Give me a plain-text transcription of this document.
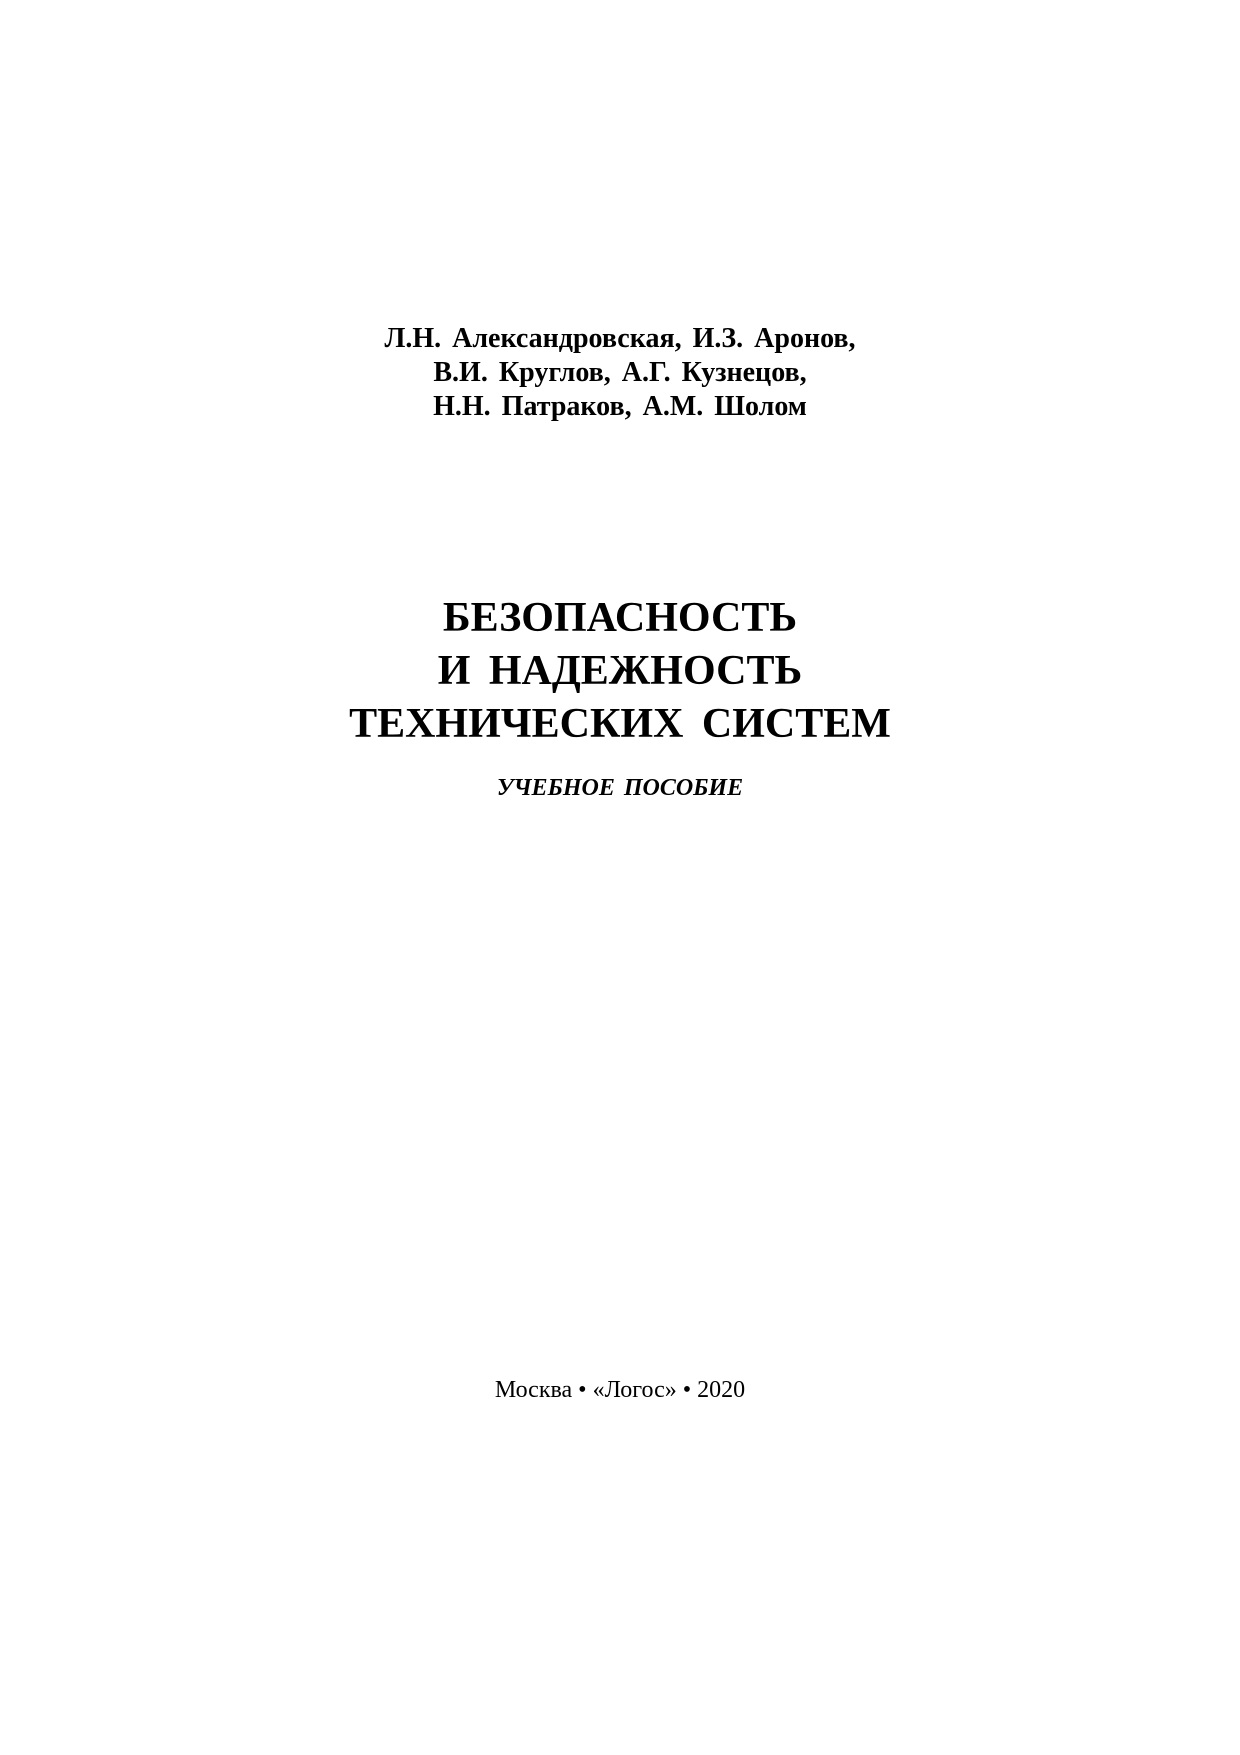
Л.Н. Александровская, И.З. Аронов,
В.И. Круглов, А.Г. Кузнецов,
Н.Н. Патраков, А.М. Шолом
БЕЗОПАСНОСТЬ
И НАДЕЖНОСТЬ
ТЕХНИЧЕСКИХ СИСТЕМ
УЧЕБНОЕ ПОСОБИЕ
Москва • «Логос» • 2020
